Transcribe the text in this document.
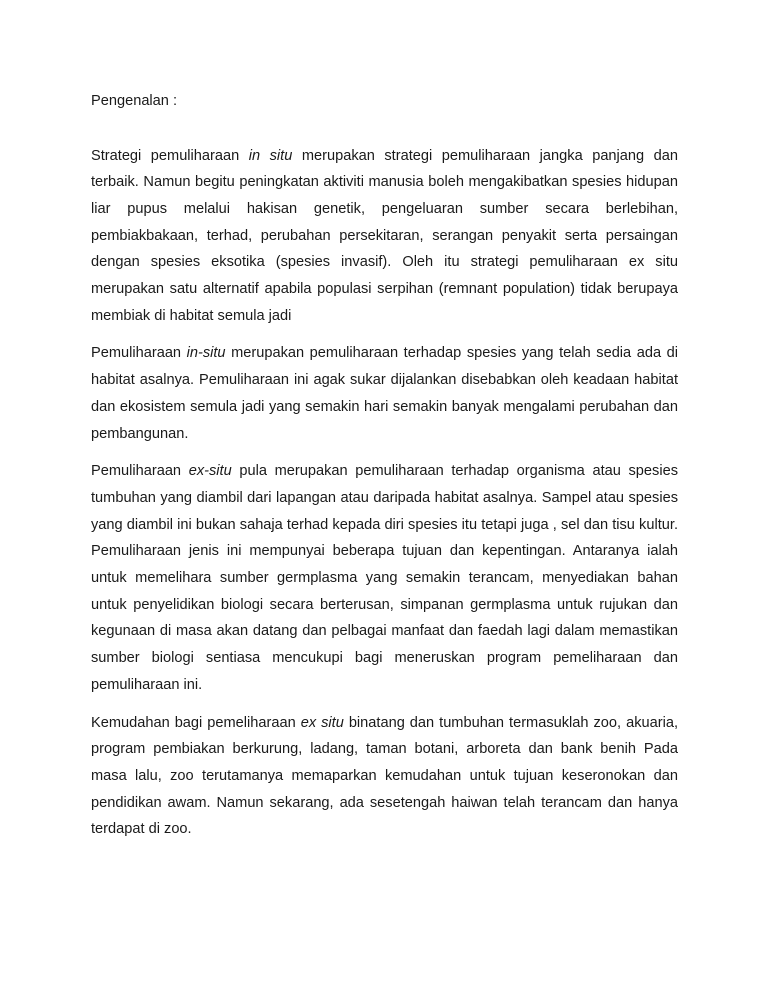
Pengenalan :

Strategi pemuliharaan in situ merupakan strategi pemuliharaan jangka panjang dan terbaik. Namun begitu peningkatan aktiviti manusia boleh mengakibatkan spesies hidupan liar pupus melalui hakisan genetik, pengeluaran sumber secara berlebihan, pembiakbakaan, terhad, perubahan persekitaran, serangan penyakit serta persaingan dengan spesies eksotika (spesies invasif). Oleh itu strategi pemuliharaan ex situ merupakan satu alternatif apabila populasi serpihan (remnant population) tidak berupaya membiak di habitat semula jadi

Pemuliharaan in-situ merupakan pemuliharaan terhadap spesies yang telah sedia ada di habitat asalnya. Pemuliharaan ini agak sukar dijalankan disebabkan oleh keadaan habitat dan ekosistem semula jadi yang semakin hari semakin banyak mengalami perubahan dan pembangunan.

Pemuliharaan ex-situ pula merupakan pemuliharaan terhadap organisma atau spesies tumbuhan yang diambil dari lapangan atau daripada habitat asalnya. Sampel atau spesies yang diambil ini bukan sahaja terhad kepada diri spesies itu tetapi juga , sel dan tisu kultur. Pemuliharaan jenis ini mempunyai beberapa tujuan dan kepentingan. Antaranya ialah untuk memelihara sumber germplasma yang semakin terancam, menyediakan bahan untuk penyelidikan biologi secara berterusan, simpanan germplasma untuk rujukan dan kegunaan di masa akan datang dan pelbagai manfaat dan faedah lagi dalam memastikan sumber biologi sentiasa mencukupi bagi meneruskan program pemeliharaan dan pemuliharaan ini.

Kemudahan bagi pemeliharaan ex situ binatang dan tumbuhan termasuklah zoo, akuaria, program pembiakan berkurung, ladang, taman botani, arboreta dan bank benih Pada masa lalu, zoo terutamanya memaparkan kemudahan untuk tujuan keseronokan dan pendidikan awam. Namun sekarang, ada sesetengah haiwan telah terancam dan hanya terdapat di zoo.
